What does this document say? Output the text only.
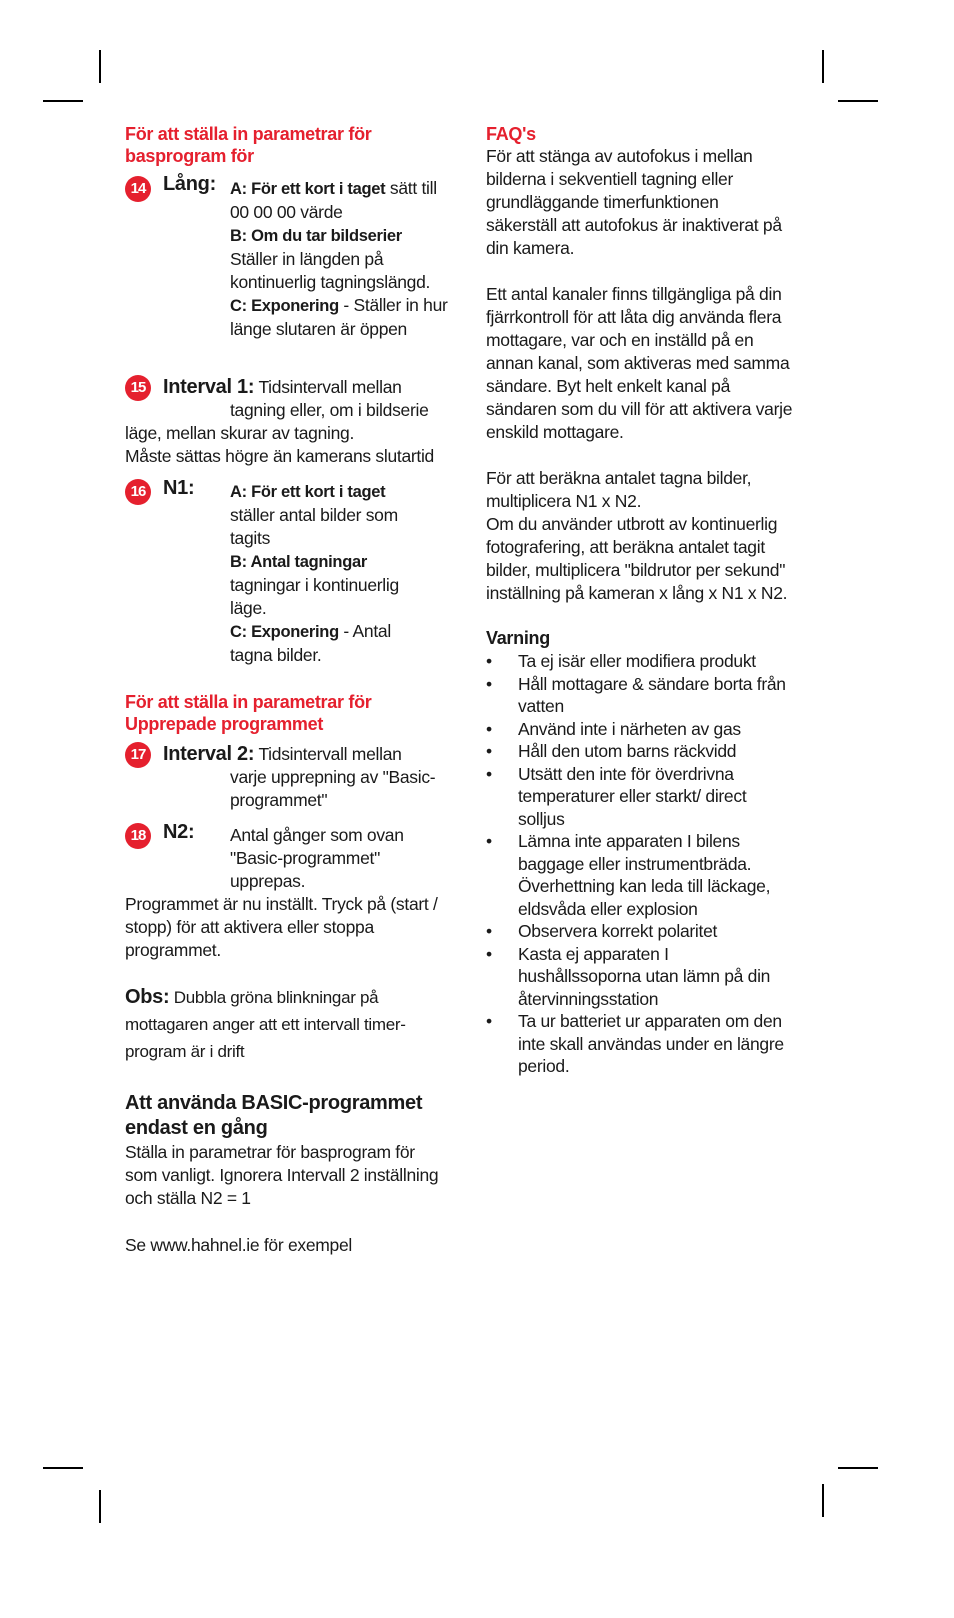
För att ställa in parametrar för basprogram för
14 Lång: A: För ett kort i taget sätt till 00 00 00 värde
B: Om du tar bildserier
Ställer in längden på kontinuerlig tagningslängd.
C: Exponering - Ställer in hur länge slutaren är öppen
15 Interval 1: Tidsintervall mellan
tagning eller, om i bildserie
läge, mellan skurar av tagning.
Måste sättas högre än kamerans slutartid
16 N1: A: För ett kort i taget
ställer antal bilder som tagits
B: Antal tagningar
tagningar i kontinuerlig läge.
C: Exponering - Antal tagna bilder.
För att ställa in parametrar för
Upprepade programmet
17 Interval 2: Tidsintervall mellan
varje upprepning av "Basic-
programmet"
18 N2: Antal gånger som ovan
"Basic-programmet"
upprepas.
Programmet är nu inställt. Tryck på (start / stopp) för att aktivera eller stoppa programmet.
Obs: Dubbla gröna blinkningar på mottagaren anger att ett intervall timer-program är i drift
Att använda BASIC-programmet endast en gång
Ställa in parametrar för basprogram för som vanligt. Ignorera Intervall 2 inställning och ställa N2 = 1
Se www.hahnel.ie för exempel
FAQ's
För att stänga av autofokus i mellan bilderna i sekventiell tagning eller grundläggande timerfunktionen säkerställ att autofokus är inaktiverat på din kamera.
Ett antal kanaler finns tillgängliga på din fjärrkontroll för att låta dig använda flera mottagare, var och en inställd på en annan kanal, som aktiveras med samma sändare. Byt helt enkelt kanal på sändaren som du vill för att aktivera varje enskild mottagare.
För att beräkna antalet tagna bilder, multiplicera N1 x N2.
Om du använder utbrott av kontinuerlig fotografering, att beräkna antalet tagit bilder, multiplicera "bildrutor per sekund" inställning på kameran x lång x N1 x N2.
Varning
• Ta ej isär eller modifiera produkt
• Håll mottagare & sändare borta från vatten
• Använd inte i närheten av gas
• Håll den utom barns räckvidd
• Utsätt den inte för överdrivna temperaturer eller starkt/ direct solljus
• Lämna inte apparaten I bilens baggage eller instrumentbräda. Överhettning kan leda till läckage, eldsvåda eller explosion
• Observera korrekt polaritet
• Kasta ej apparaten I hushållssoporna utan lämn på din återvinningsstation
• Ta ur batteriet ur apparaten om den inte skall användas under en längre period.
